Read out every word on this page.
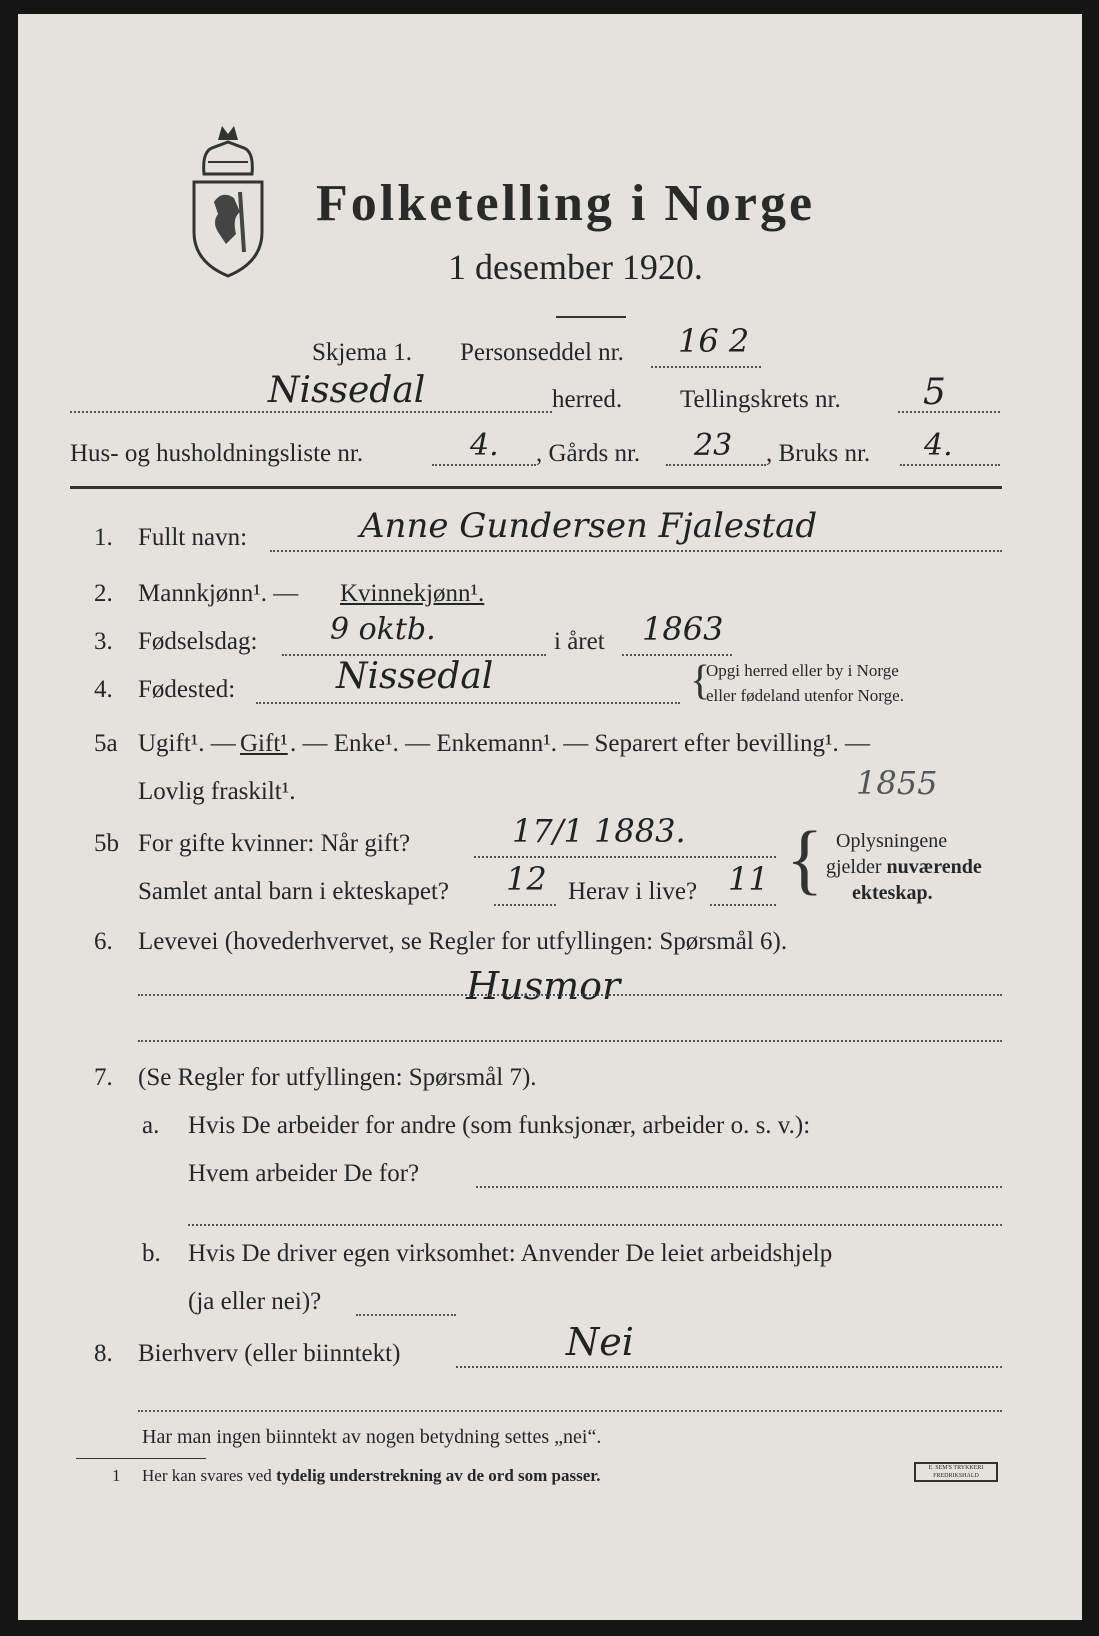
Folketelling i Norge
1 desember 1920.
Skjema 1. Personseddel nr. 16 2
Nissedal	herred. Tellingskrets nr. 5
Hus- og husholdningsliste nr.	4. , Gårds nr. 23 , Bruks nr. 4.
1. Fullt navn:	Anne Gundersen Fjalestad
2. Mannkjønn¹. — Kvinnekjønn¹.
3. Fødselsdag: 9 oktb.	i året 1863
4. Fødested:	Nissedal	{
Opgi herred eller by i Norge
eller fødeland utenfor Norge.
5a Ugift¹. — Gift¹ . — Enke¹. — Enkemann¹. — Separert efter bevilling¹. —
Lovlig fraskilt¹.	1855
5b For gifte kvinner: Når gift?	17/1 1883.
Samlet antal barn i ekteskapet? 12 Herav i live? 11 { Oplysningene
gjelder nuværende
ekteskap.
6. Levevei (hovederhvervet, se Regler for utfyllingen: Spørsmål 6).
Husmor
7. (Se Regler for utfyllingen: Spørsmål 7).
a. Hvis De arbeider for andre (som funksjonær, arbeider o. s. v.):
Hvem arbeider De for?
b. Hvis De driver egen virksomhet: Anvender De leiet arbeidshjelp
(ja eller nei)?
8. Bierhverv (eller biinntekt)	Nei
Har man ingen biinntekt av nogen betydning settes „nei“.
1 Her kan svares ved tydelig understrekning av de ord som passer.	E. SEM'S TRYKKERI FREDRIKSHALD
